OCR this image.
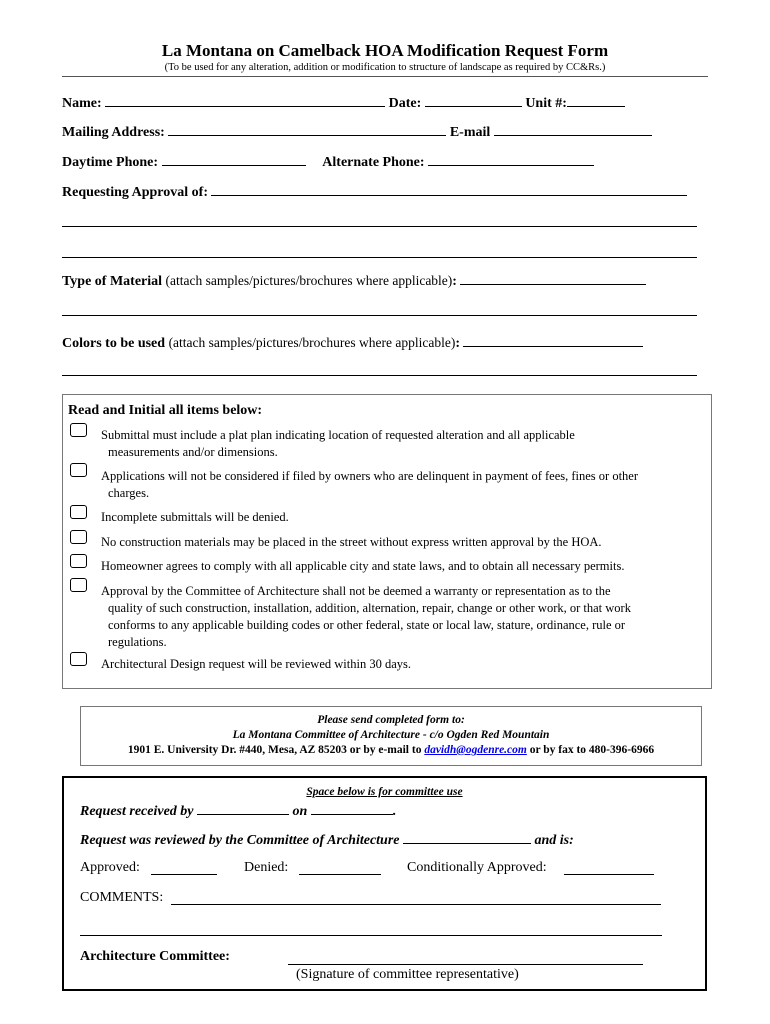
La Montana on Camelback HOA Modification Request Form
(To be used for any alteration, addition or modification to structure of landscape as required by CC&Rs.)
Name:	Date:	Unit #:
Mailing Address:	E-mail
Daytime Phone:	Alternate Phone:
Requesting Approval of:
Type of Material (attach samples/pictures/brochures where applicable):
Colors to be used (attach samples/pictures/brochures where applicable):
Read and Initial all items below:
Submittal must include a plat plan indicating location of requested alteration and all applicable
measurements and/or dimensions.
Applications will not be considered if filed by owners who are delinquent in payment of fees, fines or other
charges.
Incomplete submittals will be denied.
No construction materials may be placed in the street without express written approval by the HOA.
Homeowner agrees to comply with all applicable city and state laws, and to obtain all necessary permits.
Approval by the Committee of Architecture shall not be deemed a warranty or representation as to the
quality of such construction, installation, addition, alternation, repair, change or other work, or that work
conforms to any applicable building codes or other federal, state or local law, stature, ordinance, rule or
regulations.
Architectural Design request will be reviewed within 30 days.
Please send completed form to:
La Montana Committee of Architecture - c/o Ogden Red Mountain
1901 E. University Dr. #440, Mesa, AZ 85203 or by e-mail to davidh@ogdenre.com or by fax to 480-396-6966
Space below is for committee use
Request received by	on	.
Request was reviewed by the Committee of Architecture	and is:
Approved:	Denied:	Conditionally Approved:
COMMENTS:
Architecture Committee:
(Signature of committee representative)
